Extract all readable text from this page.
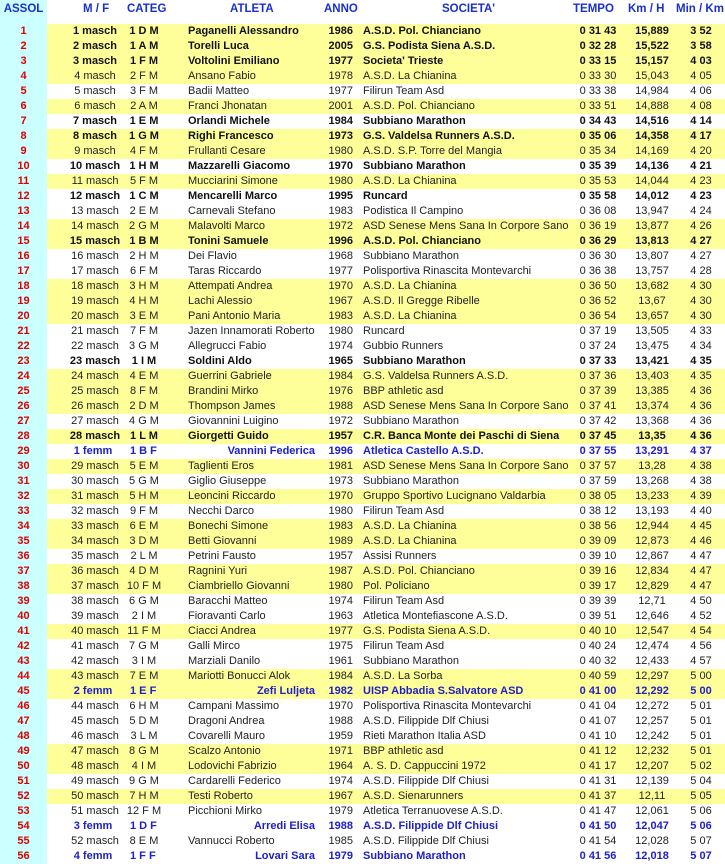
ASSOL	M / F CATEG	ATLETA	ANNO	SOCIETA'	TEMPO Km / H Min / Km
1	1 masch	1 D M	Paganelli Alessandro	1986 A.S.D. Pol. Chianciano	0 31 43	15,889	3 52
2	2 masch	1 A M	Torelli Luca	2005 G.S. Podista Siena A.S.D.	0 32 28	15,522	3 58
3	3 masch	1 F M	Voltolini Emiliano	1977 Societa' Trieste	0 33 15	15,157	4 03
4	4 masch	2 F M	Ansano Fabio	1978 A.S.D. La Chianina	0 33 30	15,043	4 05
5	5 masch	3 F M	Badii Matteo	1977 Filirun Team Asd	0 33 38	14,984	4 06
6	6 masch	2 A M	Franci Jhonatan	2001 A.S.D. Pol. Chianciano	0 33 51	14,888	4 08
7	7 masch	1 E M	Orlandi Michele	1984 Subbiano Marathon	0 34 43	14,516	4 14
8	8 masch	1 G M	Righi Francesco	1973 G.S. Valdelsa Runners A.S.D.	0 35 06	14,358	4 17
9	9 masch	4 F M	Frullanti Cesare	1980 A.S.D. S.P. Torre del Mangia	0 35 34	14,169	4 20
10	10 masch 1 H M	Mazzarelli Giacomo	1970 Subbiano Marathon	0 35 39	14,136	4 21
11	11 masch	5 F M	Mucciarini Simone	1980 A.S.D. La Chianina	0 35 53	14,044	4 23
12	12 masch 1 C M	Mencarelli Marco	1995 Runcard	0 35 58	14,012	4 23
13	13 masch 2 E M	Carnevali Stefano	1983 Podistica Il Campino	0 36 08	13,947	4 24
14	14 masch 2 G M	Malavolti Marco	1972 ASD Senese Mens Sana In Corpore Sano	0 36 19	13,877	4 26
15	15 masch 1 B M	Tonini Samuele	1996 A.S.D. Pol. Chianciano	0 36 29	13,813	4 27
16	16 masch 2 H M	Dei Flavio	1968 Subbiano Marathon	0 36 30	13,807	4 27
17	17 masch	6 F M	Taras Riccardo	1977 Polisportiva Rinascita Montevarchi	0 36 38	13,757	4 28
18	18 masch 3 H M	Attempati Andrea	1970 A.S.D. La Chianina	0 36 50	13,682	4 30
19	19 masch 4 H M	Lachi Alessio	1967 A.S.D. Il Gregge Ribelle	0 36 52	13,67	4 30
20	20 masch 3 E M	Pani Antonio Maria	1983 A.S.D. La Chianina	0 36 54	13,657	4 30
21	21 masch	7 F M	Jazen Innamorati Roberto	1980 Runcard	0 37 19	13,505	4 33
22	22 masch 3 G M	Allegrucci Fabio	1974 Gubbio Runners	0 37 24	13,475	4 34
23	23 masch	1 I M	Soldini Aldo	1965 Subbiano Marathon	0 37 33	13,421	4 35
24	24 masch 4 E M	Guerrini Gabriele	1984 G.S. Valdelsa Runners A.S.D.	0 37 36	13,403	4 35
25	25 masch	8 F M	Brandini Mirko	1976 BBP athletic asd	0 37 39	13,385	4 36
26	26 masch 2 D M	Thompson James	1988 ASD Senese Mens Sana In Corpore Sano	0 37 41	13,374	4 36
27	27 masch 4 G M	Giovannini Luigino	1972 Subbiano Marathon	0 37 42	13,368	4 36
28	28 masch 1 L M	Giorgetti Guido	1957 C.R. Banca Monte dei Paschi di Siena	0 37 45	13,35	4 36
29	1 femm	1 B F	Vannini Federica	1996 Atletica Castello A.S.D.	0 37 55	13,291	4 37
30	29 masch 5 E M	Taglienti Eros	1981 ASD Senese Mens Sana In Corpore Sano	0 37 57	13,28	4 38
31	30 masch 5 G M	Giglio Giuseppe	1973 Subbiano Marathon	0 37 59	13,268	4 38
32	31 masch 5 H M	Leoncini Riccardo	1970 Gruppo Sportivo Lucignano Valdarbia	0 38 05	13,233	4 39
33	32 masch	9 F M	Necchi Darco	1980 Filirun Team Asd	0 38 12	13,193	4 40
34	33 masch 6 E M	Bonechi Simone	1983 A.S.D. La Chianina	0 38 56	12,944	4 45
35	34 masch 3 D M	Betti Giovanni	1989 A.S.D. La Chianina	0 39 09	12,873	4 46
36	35 masch	2 L M	Petrini Fausto	1957 Assisi Runners	0 39 10	12,867	4 47
37	36 masch 4 D M	Ragnini Yuri	1987 A.S.D. Pol. Chianciano	0 39 16	12,834	4 47
38	37 masch 10 F M	Ciambriello Giovanni	1980 Pol. Policiano	0 39 17	12,829	4 47
39	38 masch 6 G M	Baracchi Matteo	1974 Filirun Team Asd	0 39 39	12,71	4 50
40	39 masch	2 I M	Fioravanti Carlo	1963 Atletica Montefiascone A.S.D.	0 39 51	12,646	4 52
41	40 masch 11 F M	Ciacci Andrea	1977 G.S. Podista Siena A.S.D.	0 40 10	12,547	4 54
42	41 masch 7 G M	Galli Mirco	1975 Filirun Team Asd	0 40 24	12,474	4 56
43	42 masch	3 I M	Marziali Danilo	1961 Subbiano Marathon	0 40 32	12,433	4 57
44	43 masch 7 E M	Mariotti Bonucci Alok	1984 A.S.D. La Sorba	0 40 59	12,297	5 00
45	2 femm	1 E F	Zefi Luljeta	1982 UISP Abbadia S.Salvatore ASD	0 41 00	12,292	5 00
46	44 masch 6 H M	Campani Massimo	1970 Polisportiva Rinascita Montevarchi	0 41 04	12,272	5 01
47	45 masch 5 D M	Dragoni Andrea	1988 A.S.D. Filippide Dlf Chiusi	0 41 07	12,257	5 01
48	46 masch	3 L M	Covarelli Mauro	1959 Rieti Marathon Italia ASD	0 41 10	12,242	5 01
49	47 masch 8 G M	Scalzo Antonio	1971 BBP athletic asd	0 41 12	12,232	5 01
50	48 masch	4 I M	Lodovichi Fabrizio	1964 A. S. D. Cappuccini 1972	0 41 17	12,207	5 02
51	49 masch 9 G M	Cardarelli Federico	1974 A.S.D. Filippide Dlf Chiusi	0 41 31	12,139	5 04
52	50 masch 7 H M	Testi Roberto	1967 A.S.D. Sienarunners	0 41 37	12,11	5 05
53	51 masch 12 F M	Picchioni Mirko	1979 Atletica Terranuovese A.S.D.	0 41 47	12,061	5 06
54	3 femm	1 D F	Arredi Elisa	1988 A.S.D. Filippide Dlf Chiusi	0 41 50	12,047	5 06
55	52 masch 8 E M	Vannucci Roberto	1985 A.S.D. Filippide Dlf Chiusi	0 41 54	12,028	5 07
56	4 femm	1 F F	Lovari Sara	1979 Subbiano Marathon	0 41 56	12,018	5 07
